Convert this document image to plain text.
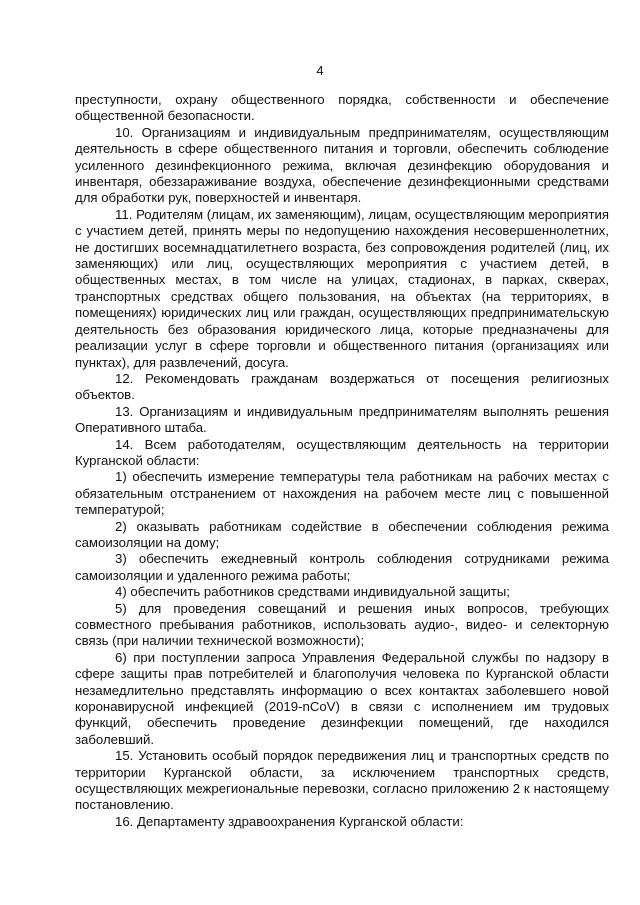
4

преступности, охрану общественного порядка, собственности и обеспечение общественной безопасности.

10. Организациям и индивидуальным предпринимателям, осуществляющим деятельность в сфере общественного питания и торговли, обеспечить соблюдение усиленного дезинфекционного режима, включая дезинфекцию оборудования и инвентаря, обеззараживание воздуха, обеспечение дезинфекционными средствами для обработки рук, поверхностей и инвентаря.

11. Родителям (лицам, их заменяющим), лицам, осуществляющим мероприятия с участием детей, принять меры по недопущению нахождения несовершеннолетних, не достигших восемнадцатилетнего возраста, без сопровождения родителей (лиц, их заменяющих) или лиц, осуществляющих мероприятия с участием детей, в общественных местах, в том числе на улицах, стадионах, в парках, скверах, транспортных средствах общего пользования, на объектах (на территориях, в помещениях) юридических лиц или граждан, осуществляющих предпринимательскую деятельность без образования юридического лица, которые предназначены для реализации услуг в сфере торговли и общественного питания (организациях или пунктах), для развлечений, досуга.

12. Рекомендовать гражданам воздержаться от посещения религиозных объектов.

13. Организациям и индивидуальным предпринимателям выполнять решения Оперативного штаба.

14. Всем работодателям, осуществляющим деятельность на территории Курганской области:

1) обеспечить измерение температуры тела работникам на рабочих местах с обязательным отстранением от нахождения на рабочем месте лиц с повышенной температурой;

2) оказывать работникам содействие в обеспечении соблюдения режима самоизоляции на дому;

3) обеспечить ежедневный контроль соблюдения сотрудниками режима самоизоляции и удаленного режима работы;

4) обеспечить работников средствами индивидуальной защиты;

5) для проведения совещаний и решения иных вопросов, требующих совместного пребывания работников, использовать аудио-, видео- и селекторную связь (при наличии технической возможности);

6) при поступлении запроса Управления Федеральной службы по надзору в сфере защиты прав потребителей и благополучия человека по Курганской области незамедлительно представлять информацию о всех контактах заболевшего новой коронавирусной инфекцией (2019-nCoV) в связи с исполнением им трудовых функций, обеспечить проведение дезинфекции помещений, где находился заболевший.

15. Установить особый порядок передвижения лиц и транспортных средств по территории Курганской области, за исключением транспортных средств, осуществляющих межрегиональные перевозки, согласно приложению 2 к настоящему постановлению.

16. Департаменту здравоохранения Курганской области:
